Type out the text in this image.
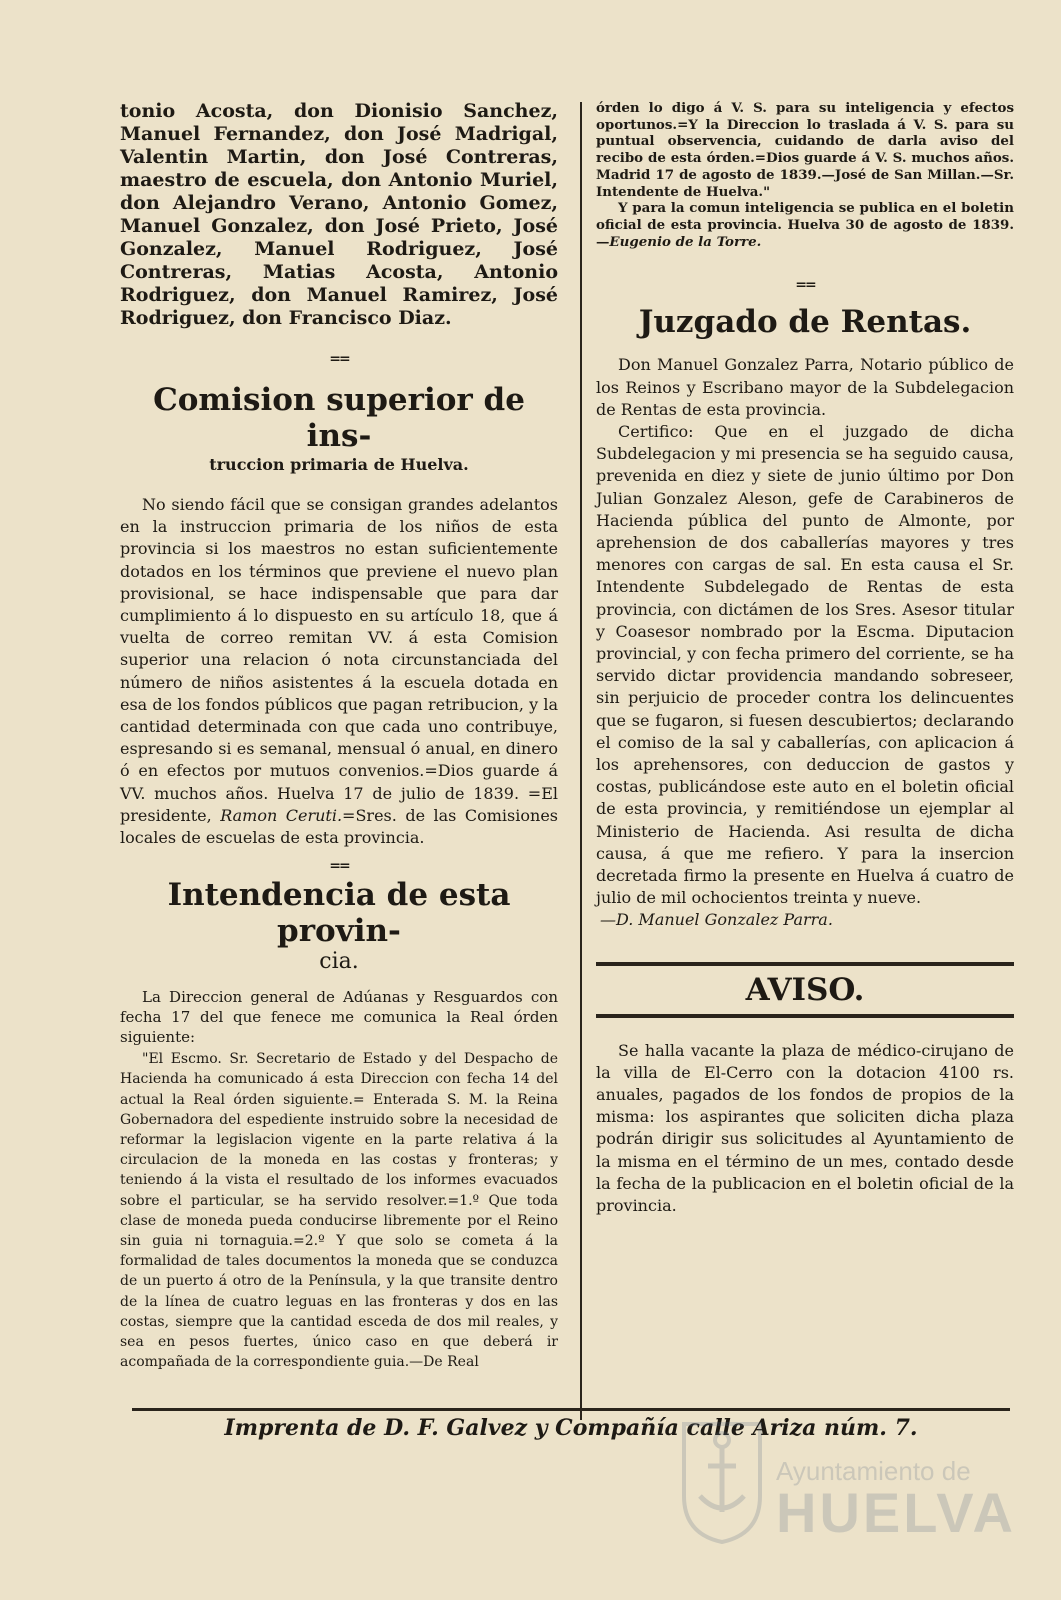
tonio Acosta, don Dionisio Sanchez, Manuel Fernandez, don José Madrigal, Valentin Martin, don José Contreras, maestro de escuela, don Antonio Muriel, don Alejandro Verano, Antonio Gomez, Manuel Gonzalez, don José Prieto, José Gonzalez, Manuel Rodriguez, José Contreras, Matias Acosta, Antonio Rodriguez, don Manuel Ramirez, José Rodriguez, don Francisco Diaz.

==
Comision superior de ins-
truccion primaria de Huelva.

No siendo fácil que se consigan grandes adelantos en la instruccion primaria de los niños de esta provincia si los maestros no estan suficientemente dotados en los términos que previene el nuevo plan provisional, se hace indispensable que para dar cumplimiento á lo dispuesto en su artículo 18, que á vuelta de correo remitan VV. á esta Comision superior una relacion ó nota circunstanciada del número de niños asistentes á la escuela dotada en esa de los fondos públicos que pagan retribucion, y la cantidad determinada con que cada uno contribuye, espresando si es semanal, mensual ó anual, en dinero ó en efectos por mutuos convenios.=Dios guarde á VV. muchos años. Huelva 17 de julio de 1839. =El presidente, Ramon Ceruti.=Sres. de las Comisiones locales de escuelas de esta provincia.

==
Intendencia de esta provin-
cia.

La Direccion general de Adúanas y Resguardos con fecha 17 del que fenece me comunica la Real órden siguiente:

"El Escmo. Sr. Secretario de Estado y del Despacho de Hacienda ha comunicado á esta Direccion con fecha 14 del actual la Real órden siguiente.= Enterada S. M. la Reina Gobernadora del espediente instruido sobre la necesidad de reformar la legislacion vigente en la parte relativa á la circulacion de la moneda en las costas y fronteras; y teniendo á la vista el resultado de los informes evacuados sobre el particular, se ha servido resolver.=1.º Que toda clase de moneda pueda conducirse libremente por el Reino sin guia ni tornaguia.=2.º Y que solo se cometa á la formalidad de tales documentos la moneda que se conduzca de un puerto á otro de la Península, y la que transite dentro de la línea de cuatro leguas en las fronteras y dos en las costas, siempre que la cantidad esceda de dos mil reales, y sea en pesos fuertes, único caso en que deberá ir acompañada de la correspondiente guia.—De Real

órden lo digo á V. S. para su inteligencia y efectos oportunos.=Y la Direccion lo traslada á V. S. para su puntual observencia, cuidando de darla aviso del recibo de esta órden.=Dios guarde á V. S. muchos años. Madrid 17 de agosto de 1839.—José de San Millan.—Sr. Intendente de Huelva."

Y para la comun inteligencia se publica en el boletin oficial de esta provincia. Huelva 30 de agosto de 1839.—Eugenio de la Torre.

==
Juzgado de Rentas.

Don Manuel Gonzalez Parra, Notario público de los Reinos y Escribano mayor de la Subdelegacion de Rentas de esta provincia.

Certifico: Que en el juzgado de dicha Subdelegacion y mi presencia se ha seguido causa, prevenida en diez y siete de junio último por Don Julian Gonzalez Aleson, gefe de Carabineros de Hacienda pública del punto de Almonte, por aprehension de dos caballerías mayores y tres menores con cargas de sal. En esta causa el Sr. Intendente Subdelegado de Rentas de esta provincia, con dictámen de los Sres. Asesor titular y Coasesor nombrado por la Escma. Diputacion provincial, y con fecha primero del corriente, se ha servido dictar providencia mandando sobreseer, sin perjuicio de proceder contra los delincuentes que se fugaron, si fuesen descubiertos; declarando el comiso de la sal y caballerías, con aplicacion á los aprehensores, con deduccion de gastos y costas, publicándose este auto en el boletin oficial de esta provincia, y remitiéndose un ejemplar al Ministerio de Hacienda. Asi resulta de dicha causa, á que me refiero. Y para la insercion decretada firmo la presente en Huelva á cuatro de julio de mil ochocientos treinta y nueve.

—D. Manuel Gonzalez Parra.

AVISO.

Se halla vacante la plaza de médico-cirujano de la villa de El-Cerro con la dotacion 4100 rs. anuales, pagados de los fondos de propios de la misma: los aspirantes que soliciten dicha plaza podrán dirigir sus solicitudes al Ayuntamiento de la misma en el término de un mes, contado desde la fecha de la publicacion en el boletin oficial de la provincia.

Imprenta de D. F. Galvez y Compañía calle Ariza núm. 7.
Ayuntamiento de
HUELVA
